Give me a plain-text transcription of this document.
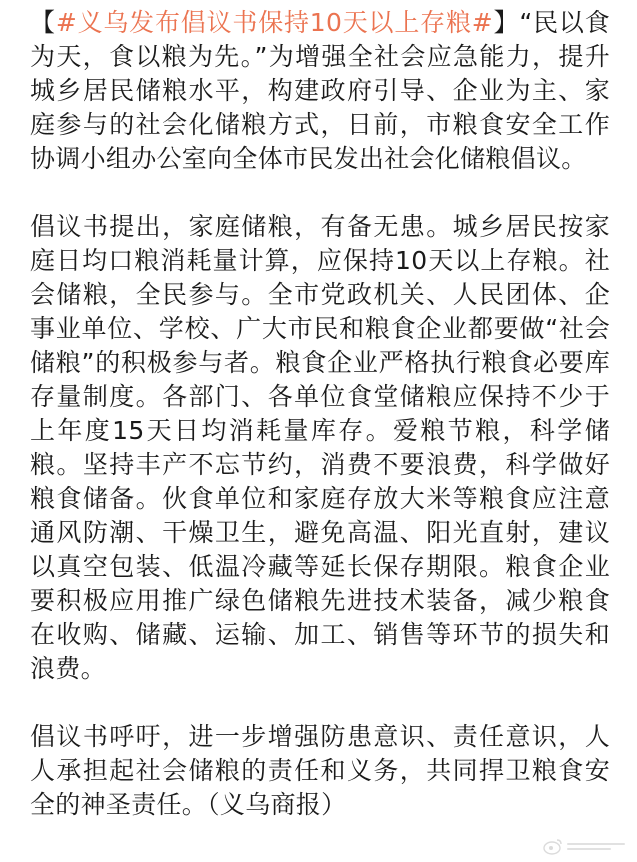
【#义乌发布倡议书保持10天以上存粮#】“民以食为天，食以粮为先。”为增强全社会应急能力，提升城乡居民储粮水平，构建政府引导、企业为主、家庭参与的社会化储粮方式，日前，市粮食安全工作协调小组办公室向全体市民发出社会化储粮倡议。

倡议书提出，家庭储粮，有备无患。城乡居民按家庭日均口粮消耗量计算，应保持10天以上存粮。社会储粮，全民参与。全市党政机关、人民团体、企事业单位、学校、广大市民和粮食企业都要做“社会储粮”的积极参与者。粮食企业严格执行粮食必要库存量制度。各部门、各单位食堂储粮应保持不少于上年度15天日均消耗量库存。爱粮节粮，科学储粮。坚持丰产不忘节约，消费不要浪费，科学做好粮食储备。伙食单位和家庭存放大米等粮食应注意通风防潮、干燥卫生，避免高温、阳光直射，建议以真空包装、低温冷藏等延长保存期限。粮食企业要积极应用推广绿色储粮先进技术装备，减少粮食在收购、储藏、运输、加工、销售等环节的损失和浪费。

倡议书呼吁，进一步增强防患意识、责任意识，人人承担起社会储粮的责任和义务，共同捍卫粮食安全的神圣责任。（义乌商报）
